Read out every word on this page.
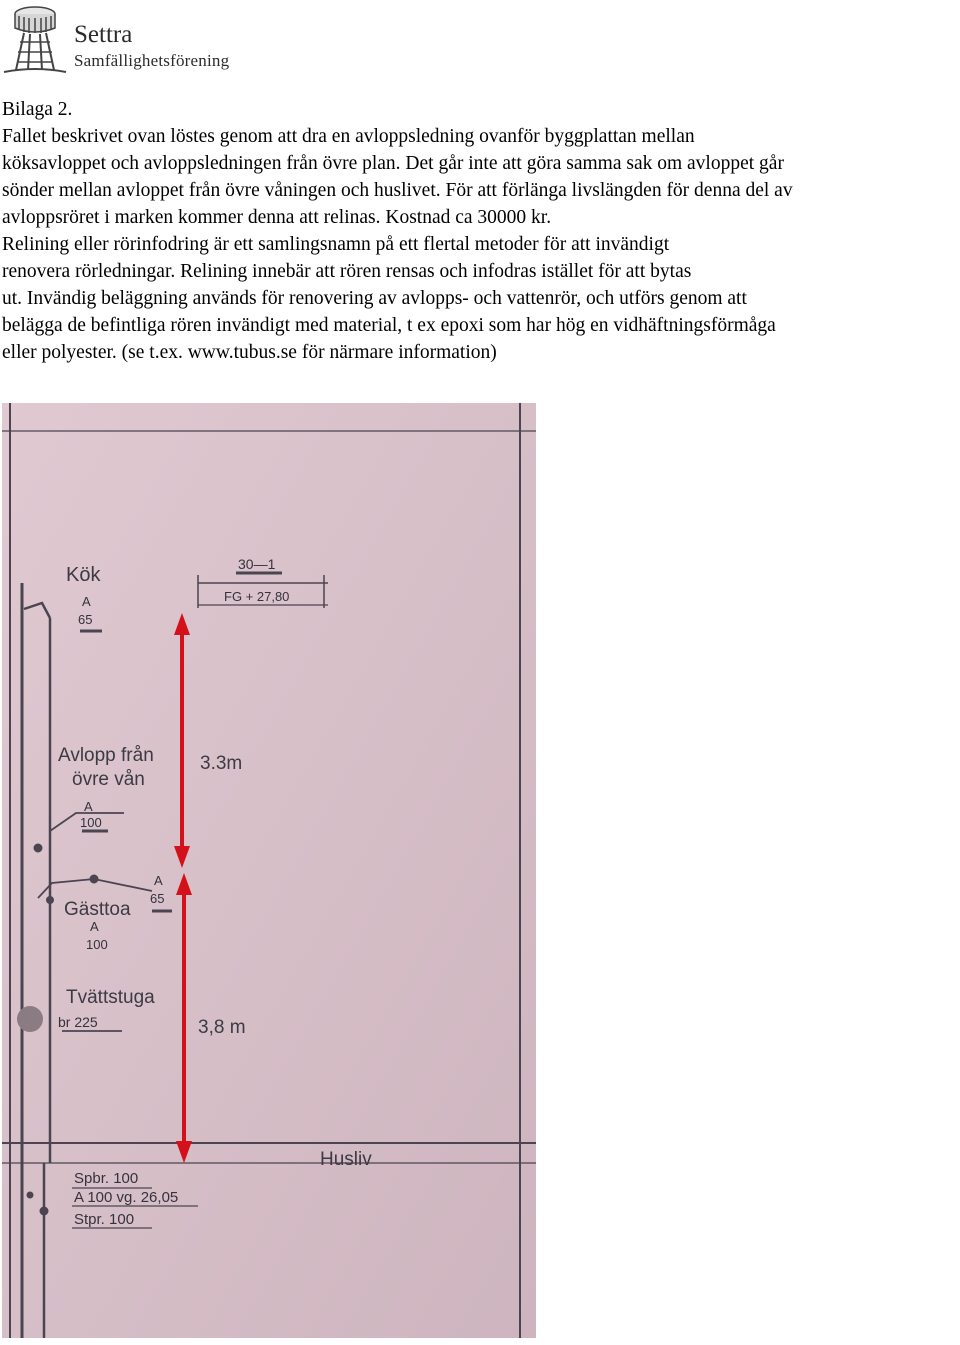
Settra
Samfällighetsförening
Bilaga 2.
Fallet beskrivet ovan löstes genom att dra en avloppsledning ovanför byggplattan mellan
köksavloppet och avloppsledningen från övre plan. Det går inte att göra samma sak om avloppet går
sönder mellan avloppet från övre våningen och huslivet. För att förlänga livslängden för denna del av
avloppsröret i marken kommer denna att relinas. Kostnad ca 30000 kr.
Relining eller rörinfodring är ett samlingsnamn på ett flertal metoder för att invändigt
renovera rörledningar. Relining innebär att rören rensas och infodras istället för att bytas
ut. Invändig beläggning används för renovering av avlopps- och vattenrör, och utförs genom att
belägga de befintliga rören invändigt med material, t ex epoxi som har hög en vidhäftningsförmåga
eller polyester. (se t.ex. www.tubus.se för närmare information)
Kök
A
65
30—1
FG + 27,80
Avlopp från
övre vån
A
100
3.3m
A
65
Gästtoa
A
100
Tvättstuga
br 225	3,8 m
Husliv
Spbr. 100
A 100 vg. 26,05
Stpr. 100
